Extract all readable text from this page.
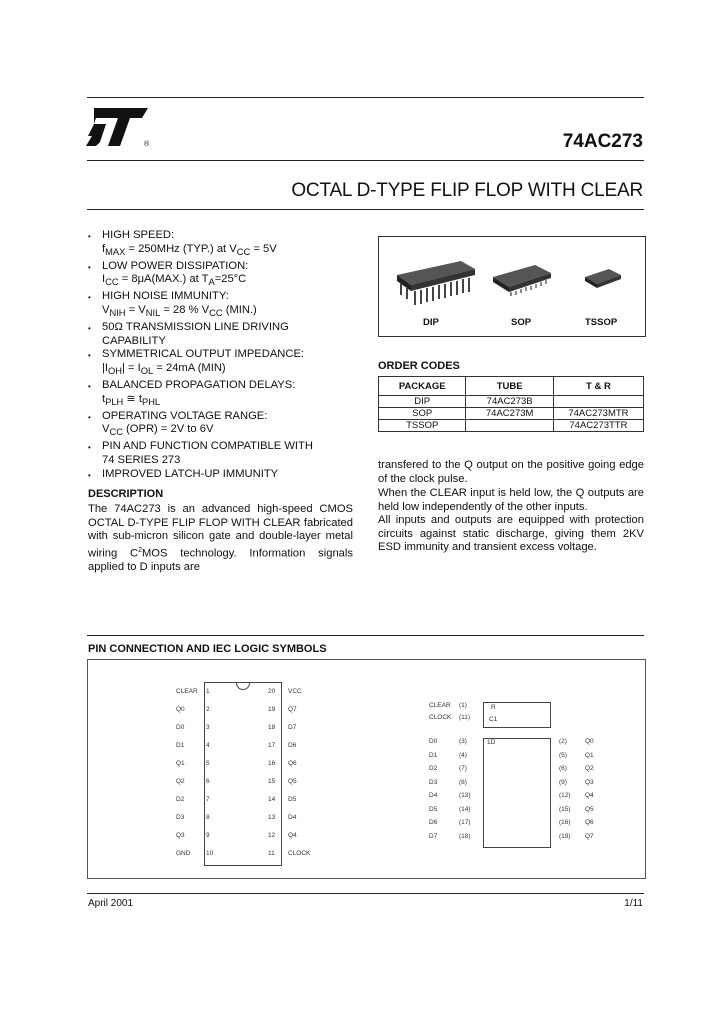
®	74AC273
OCTAL D-TYPE FLIP FLOP WITH CLEAR
• HIGH SPEED:
$f_{MAX} = 250MHz$ (TYP.) at $V_{CC} = 5V$
• LOW POWER DISSIPATION:
$I_{CC} = 8\mu A(MAX.)$ at $T_A=25^\circ C$
• HIGH NOISE IMMUNITY:
$V_{NIH} = V_{NIL} = 28$ % $V_{CC}$ (MIN.)
• 50Ω TRANSMISSION LINE DRIVING
CAPABILITY
• SYMMETRICAL OUTPUT IMPEDANCE:
$|I_{OH}| = I_{OL} = 24mA$ (MIN)
• BALANCED PROPAGATION DELAYS:
$t_{PLH}$ ≅ $t_{PHL}$
• OPERATING VOLTAGE RANGE:
$V_{CC}$ (OPR) = 2V to 6V
• PIN AND FUNCTION COMPATIBLE WITH
74 SERIES 273
• IMPROVED LATCH-UP IMMUNITY
DESCRIPTION
The 74AC273 is an advanced high-speed CMOS OCTAL D-TYPE FLIP FLOP WITH CLEAR fabricated with sub-micron silicon gate and double-layer metal wiring $C^2MOS$ technology. Information signals applied to D inputs are
transfered to the Q output on the positive going edge of the clock pulse.
When the CLEAR input is held low, the Q outputs are held low independently of the other inputs.
All inputs and outputs are equipped with protection circuits against static discharge, giving them 2KV ESD immunity and transient excess voltage.
DIP	SOP	TSSOP
ORDER CODES
PACKAGE	TUBE	T & R
DIP	74AC273B	
SOP	74AC273M	74AC273MTR
TSSOP		74AC273TTR
PIN CONNECTION AND IEC LOGIC SYMBOLS
CLEAR 1
Q0	2
D0	3
D1	4
Q1	5
Q2	6
D2	7
D3	8
Q3	9
GND 10
20 VCC
19 Q7
18 D7
17 D6
16 Q6
15 Q5
14 D5
13 D4
12 Q4
11 CLOCK
R
C1
1D
CLEAR (1)
CLOCK (11)
D0	(3)
D1	(4)
D2	(7)
D3	(8)
D4	(13)
D5	(14)
D6	(17)
D7	(18)
(2)	Q0
(5)	Q1
(6)	Q2
(9)	Q3
(12) Q4
(15) Q5
(16) Q6
(19) Q7
April 2001	1/11
